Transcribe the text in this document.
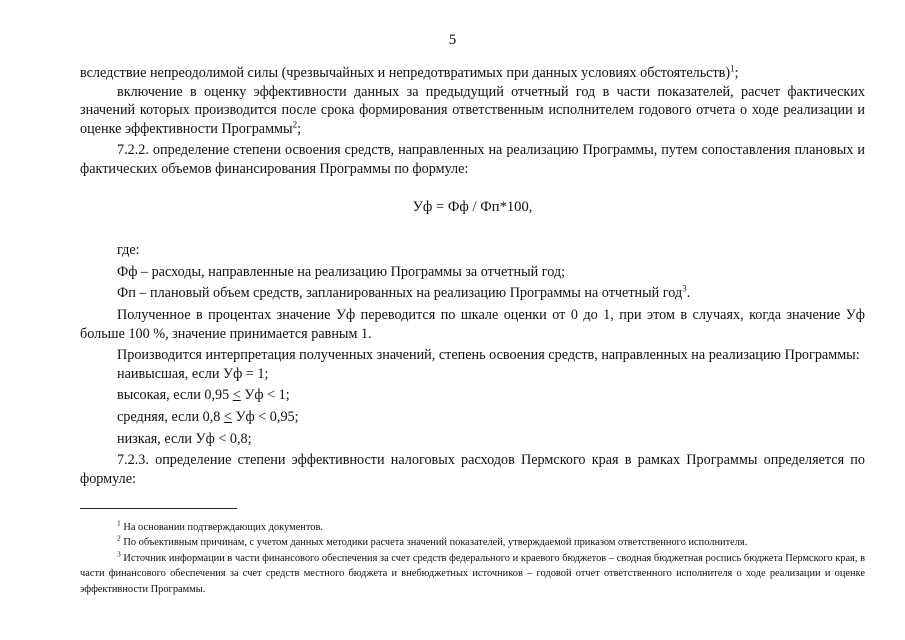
5

вследствие непреодолимой силы (чрезвычайных и непредотвратимых при данных условиях обстоятельств)$^1$;

включение в оценку эффективности данных за предыдущий отчетный год в части показателей, расчет фактических значений которых производится после срока формирования ответственным исполнителем годового отчета о ходе реализации и оценке эффективности Программы$^2$;

7.2.2. определение степени освоения средств, направленных на реализацию Программы, путем сопоставления плановых и фактических объемов финансирования Программы по формуле:

Уф = Фф / Фп*100,

где:

Фф – расходы, направленные на реализацию Программы за отчетный год;

Фп – плановый объем средств, запланированных на реализацию Программы на отчетный год$^3$.

Полученное в процентах значение Уф переводится по шкале оценки от 0 до 1, при этом в случаях, когда значение Уф больше 100 %, значение принимается равным 1.

Производится интерпретация полученных значений, степень освоения средств, направленных на реализацию Программы:

наивысшая, если Уф = 1;

высокая, если 0,95 < Уф < 1;

средняя, если 0,8 < Уф < 0,95;

низкая, если Уф < 0,8;

7.2.3. определение степени эффективности налоговых расходов Пермского края в рамках Программы определяется по формуле:

$^1$ На основании подтверждающих документов.

$^2$ По объективным причинам, с учетом данных методики расчета значений показателей, утверждаемой приказом ответственного исполнителя.

$^3$ Источник информации в части финансового обеспечения за счет средств федерального и краевого бюджетов – сводная бюджетная роспись бюджета Пермского края, в части финансового обеспечения за счет средств местного бюджета и внебюджетных источников – годовой отчет ответственного исполнителя о ходе реализации и оценке эффективности Программы.
